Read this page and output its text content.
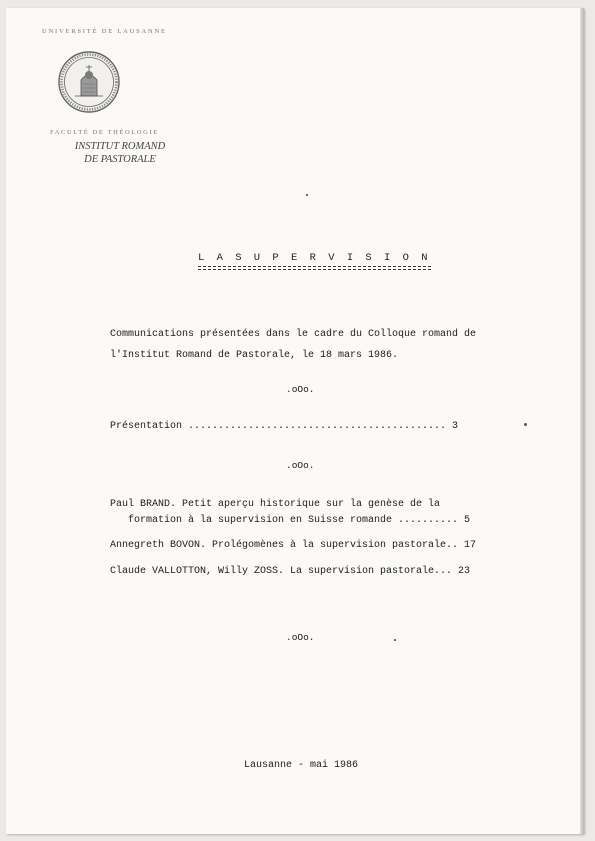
UNIVERSITÉ DE LAUSANNE
FACULTÉ DE THÉOLOGIE
INSTITUT ROMAND
DE PASTORALE
L A S U P E R V I S I O N
Communications présentées dans le cadre du Colloque romand de
l'Institut Romand de Pastorale, le 18 mars 1986.
.oOo.
Présentation ........................................... 3
.oOo.
Paul BRAND. Petit aperçu historique sur la genèse de la
formation à la supervision en Suisse romande .......... 5
Annegreth BOVON. Prolégomènes à la supervision pastorale.. 17
Claude VALLOTTON, Willy ZOSS. La supervision pastorale... 23
.oOo.
Lausanne - mai 1986
